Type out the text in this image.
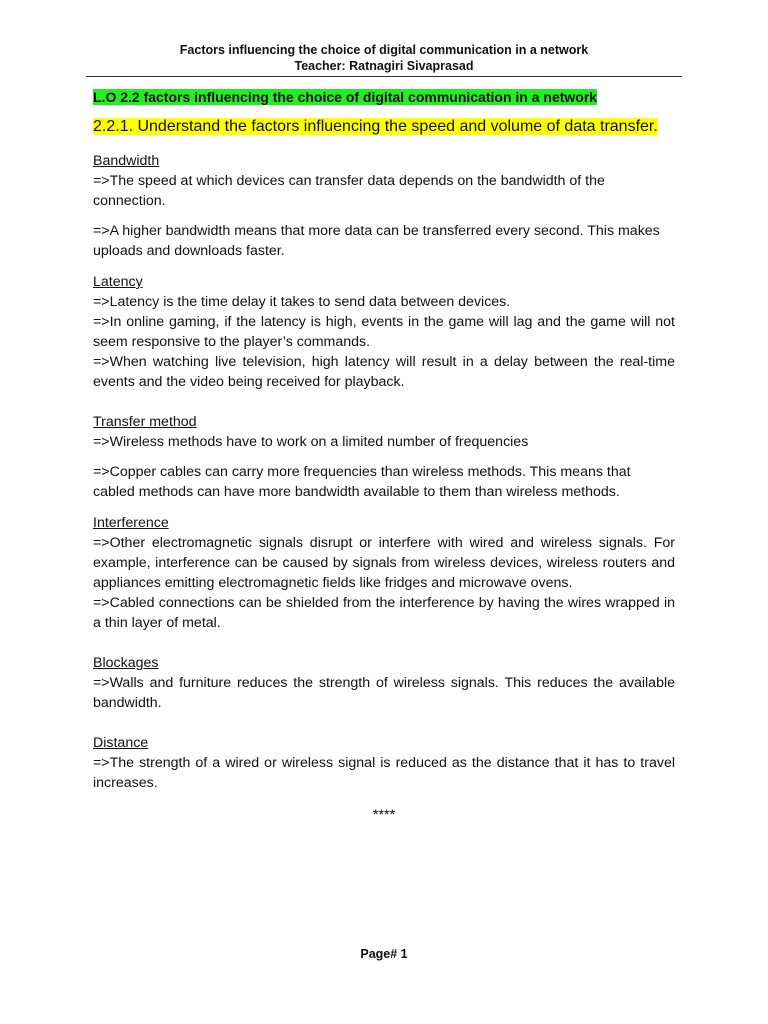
Factors influencing the choice of digital communication in a network
Teacher: Ratnagiri Sivaprasad
L.O 2.2 factors influencing the choice of digital communication in a network
2.2.1. Understand the factors influencing the speed and volume of data transfer.
Bandwidth

=>The speed at which devices can transfer data depends on the bandwidth of the connection.

=>A higher bandwidth means that more data can be transferred every second. This makes uploads and downloads faster.

Latency

=>Latency is the time delay it takes to send data between devices.

=>In online gaming, if the latency is high, events in the game will lag and the game will not seem responsive to the player’s commands.

=>When watching live television, high latency will result in a delay between the real-time events and the video being received for playback.

Transfer method

=>Wireless methods have to work on a limited number of frequencies

=>Copper cables can carry more frequencies than wireless methods. This means that cabled methods can have more bandwidth available to them than wireless methods.

Interference

=>Other electromagnetic signals disrupt or interfere with wired and wireless signals. For example, interference can be caused by signals from wireless devices, wireless routers and appliances emitting electromagnetic fields like fridges and microwave ovens.

=>Cabled connections can be shielded from the interference by having the wires wrapped in a thin layer of metal.

Blockages

=>Walls and furniture reduces the strength of wireless signals. This reduces the available bandwidth.

Distance

=>The strength of a wired or wireless signal is reduced as the distance that it has to travel increases.

****
Page# 1
